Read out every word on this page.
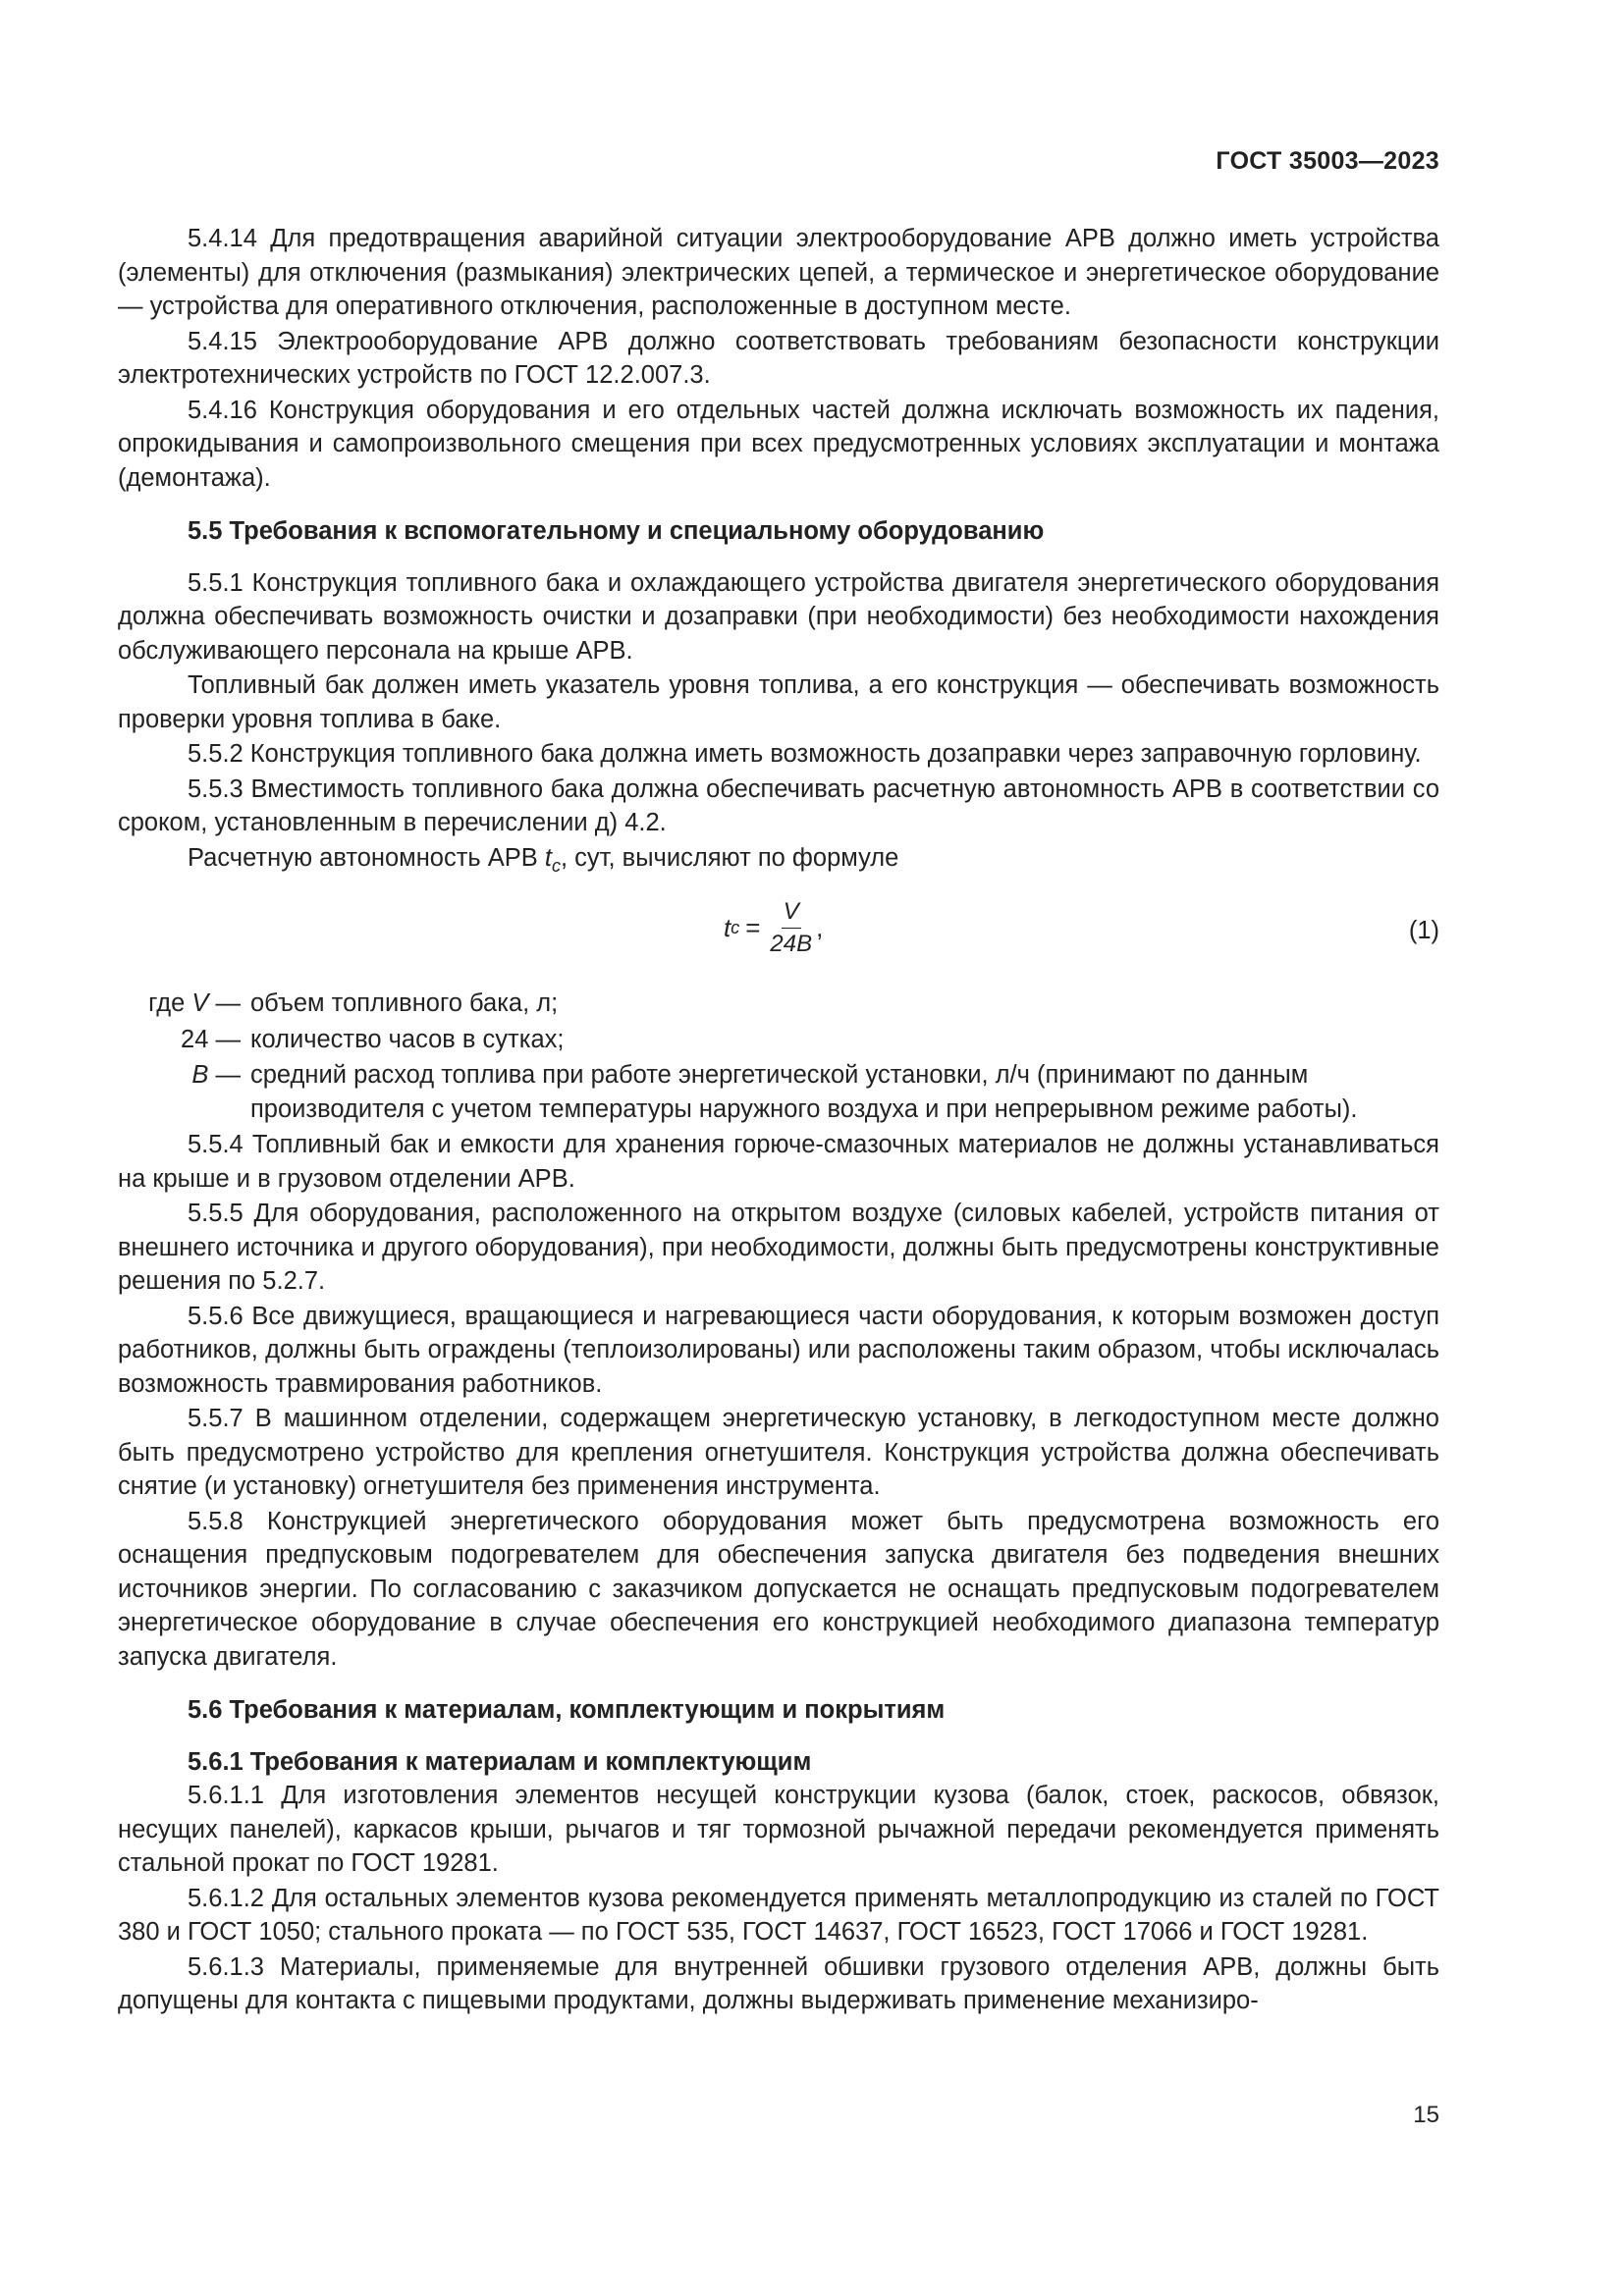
ГОСТ 35003—2023

5.4.14 Для предотвращения аварийной ситуации электрооборудование АРВ должно иметь устройства (элементы) для отключения (размыкания) электрических цепей, а термическое и энергетическое оборудование — устройства для оперативного отключения, расположенные в доступном месте.

5.4.15 Электрооборудование АРВ должно соответствовать требованиям безопасности конструкции электротехнических устройств по ГОСТ 12.2.007.3.

5.4.16 Конструкция оборудования и его отдельных частей должна исключать возможность их падения, опрокидывания и самопроизвольного смещения при всех предусмотренных условиях эксплуатации и монтажа (демонтажа).

5.5 Требования к вспомогательному и специальному оборудованию

5.5.1 Конструкция топливного бака и охлаждающего устройства двигателя энергетического оборудования должна обеспечивать возможность очистки и дозаправки (при необходимости) без необходимости нахождения обслуживающего персонала на крыше АРВ.

Топливный бак должен иметь указатель уровня топлива, а его конструкция — обеспечивать возможность проверки уровня топлива в баке.

5.5.2 Конструкция топливного бака должна иметь возможность дозаправки через заправочную горловину.

5.5.3 Вместимость топливного бака должна обеспечивать расчетную автономность АРВ в соответствии со сроком, установленным в перечислении д) 4.2.

Расчетную автономность АРВ $t_c$, сут, вычисляют по формуле

t $c = \frac{V}{24B}$ ,	(1)
где V — объем топливного бака, л;
24 — количество часов в сутках;
B — средний расход топлива при работе энергетической установки, л/ч (принимают по данным производителя с учетом температуры наружного воздуха и при непрерывном режиме работы).

5.5.4 Топливный бак и емкости для хранения горюче-смазочных материалов не должны устанавливаться на крыше и в грузовом отделении АРВ.

5.5.5 Для оборудования, расположенного на открытом воздухе (силовых кабелей, устройств питания от внешнего источника и другого оборудования), при необходимости, должны быть предусмотрены конструктивные решения по 5.2.7.

5.5.6 Все движущиеся, вращающиеся и нагревающиеся части оборудования, к которым возможен доступ работников, должны быть ограждены (теплоизолированы) или расположены таким образом, чтобы исключалась возможность травмирования работников.

5.5.7 В машинном отделении, содержащем энергетическую установку, в легкодоступном месте должно быть предусмотрено устройство для крепления огнетушителя. Конструкция устройства должна обеспечивать снятие (и установку) огнетушителя без применения инструмента.

5.5.8 Конструкцией энергетического оборудования может быть предусмотрена возможность его оснащения предпусковым подогревателем для обеспечения запуска двигателя без подведения внешних источников энергии. По согласованию с заказчиком допускается не оснащать предпусковым подогревателем энергетическое оборудование в случае обеспечения его конструкцией необходимого диапазона температур запуска двигателя.

5.6 Требования к материалам, комплектующим и покрытиям
5.6.1 Требования к материалам и комплектующим

5.6.1.1 Для изготовления элементов несущей конструкции кузова (балок, стоек, раскосов, обвязок, несущих панелей), каркасов крыши, рычагов и тяг тормозной рычажной передачи рекомендуется применять стальной прокат по ГОСТ 19281.

5.6.1.2 Для остальных элементов кузова рекомендуется применять металлопродукцию из сталей по ГОСТ 380 и ГОСТ 1050; стального проката — по ГОСТ 535, ГОСТ 14637, ГОСТ 16523, ГОСТ 17066 и ГОСТ 19281.

5.6.1.3 Материалы, применяемые для внутренней обшивки грузового отделения АРВ, должны быть допущены для контакта с пищевыми продуктами, должны выдерживать применение механизиро-

15
